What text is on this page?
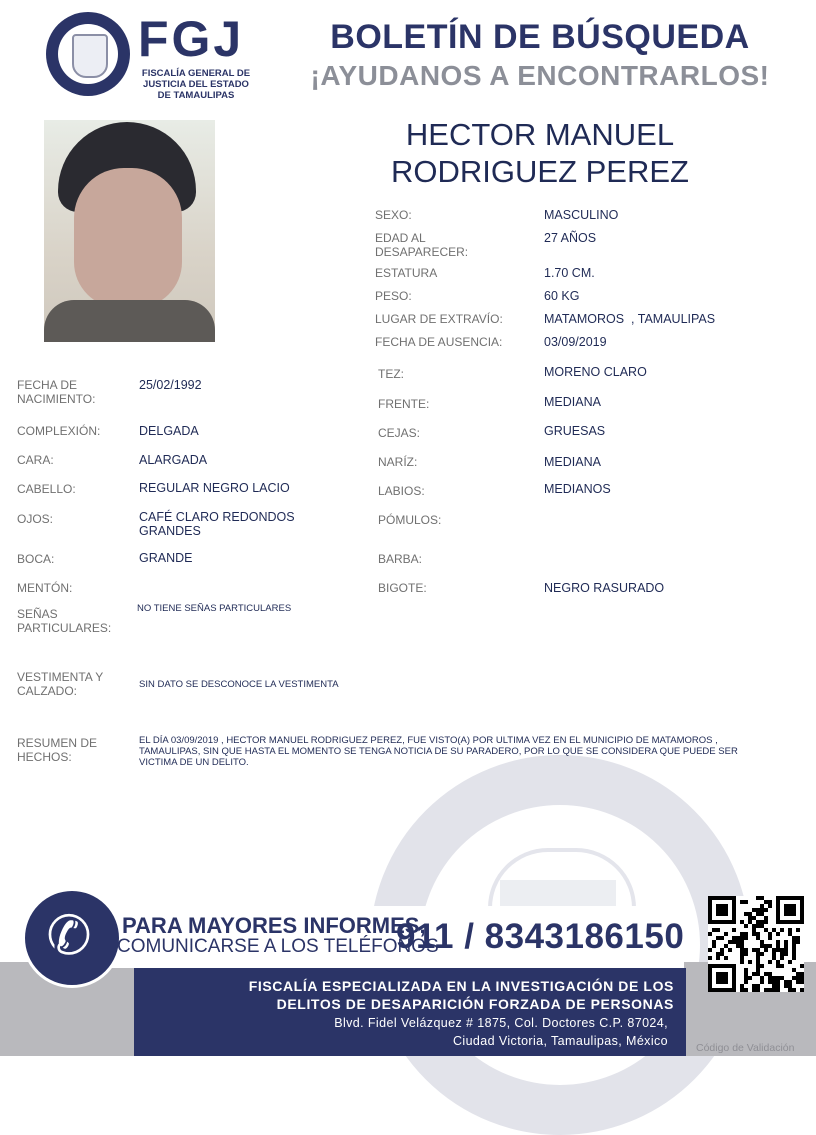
FGJ
FISCALÍA GENERAL DE
JUSTICIA DEL ESTADO
DE TAMAULIPAS
BOLETÍN DE BÚSQUEDA
¡AYUDANOS A ENCONTRARLOS!
HECTOR MANUEL
RODRIGUEZ PEREZ
SEXO:	MASCULINO
EDAD AL DESAPARECER:
27 AÑOS
ESTATURA	1.70 CM.
PESO:	60 KG
LUGAR DE EXTRAVÍO:	MATAMOROS  , TAMAULIPAS
FECHA DE AUSENCIA:	03/09/2019
TEZ:	MORENO CLARO
FRENTE:	MEDIANA
CEJAS:	GRUESAS
NARÍZ:	MEDIANA
LABIOS:	MEDIANOS
PÓMULOS:
BARBA:
BIGOTE:	NEGRO RASURADO
FECHA DE NACIMIENTO:
25/02/1992
COMPLEXIÓN:	DELGADA
CARA:	ALARGADA
CABELLO:	REGULAR NEGRO LACIO
OJOS:	CAFÉ CLARO REDONDOS GRANDES
BOCA:	GRANDE
MENTÓN:
SEÑAS PARTICULARES:
NO TIENE SEÑAS PARTICULARES
VESTIMENTA Y CALZADO:	SIN DATO SE DESCONOCE LA VESTIMENTA
RESUMEN DE HECHOS:
EL DÍA 03/09/2019 , HECTOR MANUEL RODRIGUEZ PEREZ, FUE VISTO(A) POR ULTIMA VEZ EN EL MUNICIPIO DE MATAMOROS , TAMAULIPAS, SIN QUE HASTA EL MOMENTO SE TENGA NOTICIA DE SU PARADERO, POR LO QUE SE CONSIDERA QUE PUEDE SER VICTIMA DE UN DELITO.
✆	PARA MAYORES INFORMES,
COMUNICARSE A LOS TELÉFONOS
911 / 8343186150
FISCALÍA ESPECIALIZADA EN LA INVESTIGACIÓN DE LOS
DELITOS DE DESAPARICIÓN FORZADA DE PERSONAS
Blvd. Fidel Velázquez # 1875, Col. Doctores C.P. 87024,
Ciudad Victoria, Tamaulipas, México	Código de Validación
